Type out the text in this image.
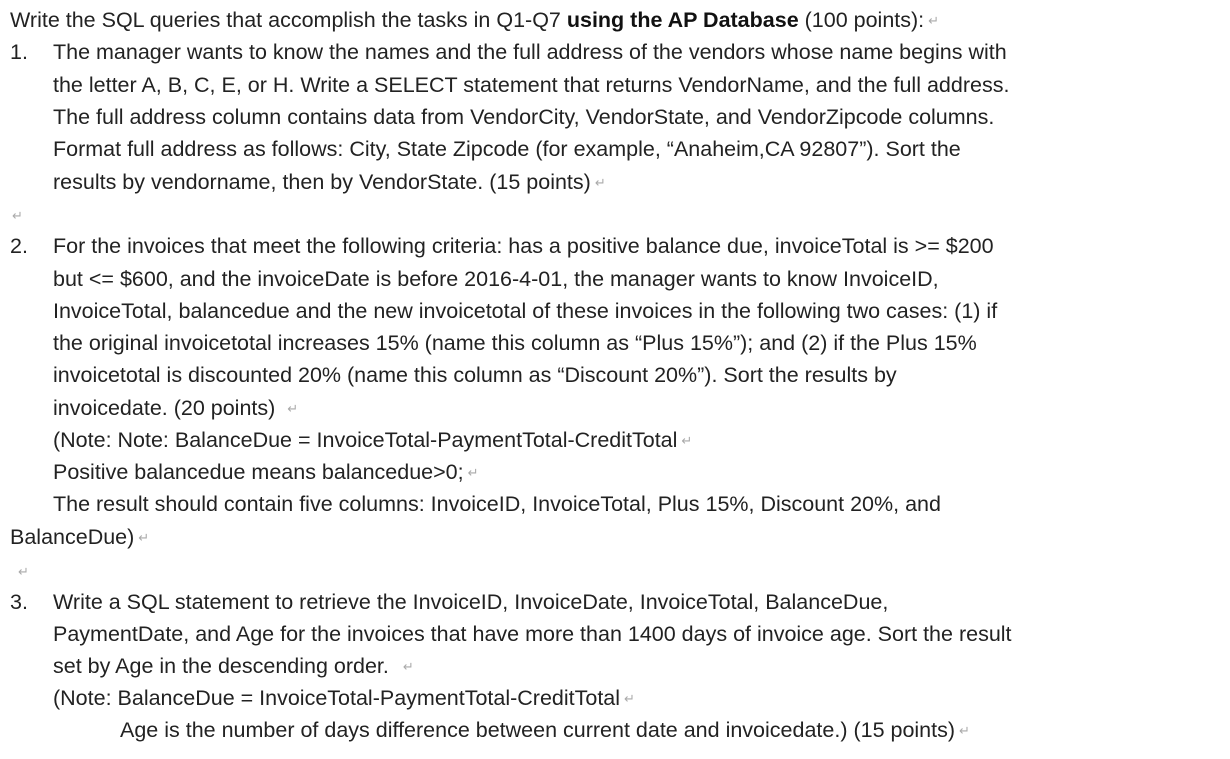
Write the SQL queries that accomplish the tasks in Q1-Q7 using the AP Database (100 points): ↵
1. The manager wants to know the names and the full address of the vendors whose name begins with
the letter A, B, C, E, or H. Write a SELECT statement that returns VendorName, and the full address.
The full address column contains data from VendorCity, VendorState, and VendorZipcode columns.
Format full address as follows: City, State Zipcode (for example, “Anaheim,CA 92807”). Sort the
results by vendorname, then by VendorState. (15 points) ↵
↵
2. For the invoices that meet the following criteria: has a positive balance due, invoiceTotal is >= $200
but <= $600, and the invoiceDate is before 2016-4-01, the manager wants to know InvoiceID,
InvoiceTotal, balancedue and the new invoicetotal of these invoices in the following two cases: (1) if
the original invoicetotal increases 15% (name this column as “Plus 15%”); and (2) if the Plus 15%
invoicetotal is discounted 20% (name this column as “Discount 20%”). Sort the results by
invoicedate. (20 points) ↵
(Note: Note: BalanceDue = InvoiceTotal-PaymentTotal-CreditTotal ↵
Positive balancedue means balancedue>0; ↵
The result should contain five columns: InvoiceID, InvoiceTotal, Plus 15%, Discount 20%, and
BalanceDue) ↵
↵
3. Write a SQL statement to retrieve the InvoiceID, InvoiceDate, InvoiceTotal, BalanceDue,
PaymentDate, and Age for the invoices that have more than 1400 days of invoice age. Sort the result
set by Age in the descending order. ↵
(Note: BalanceDue = InvoiceTotal-PaymentTotal-CreditTotal ↵
Age is the number of days difference between current date and invoicedate.) (15 points) ↵
